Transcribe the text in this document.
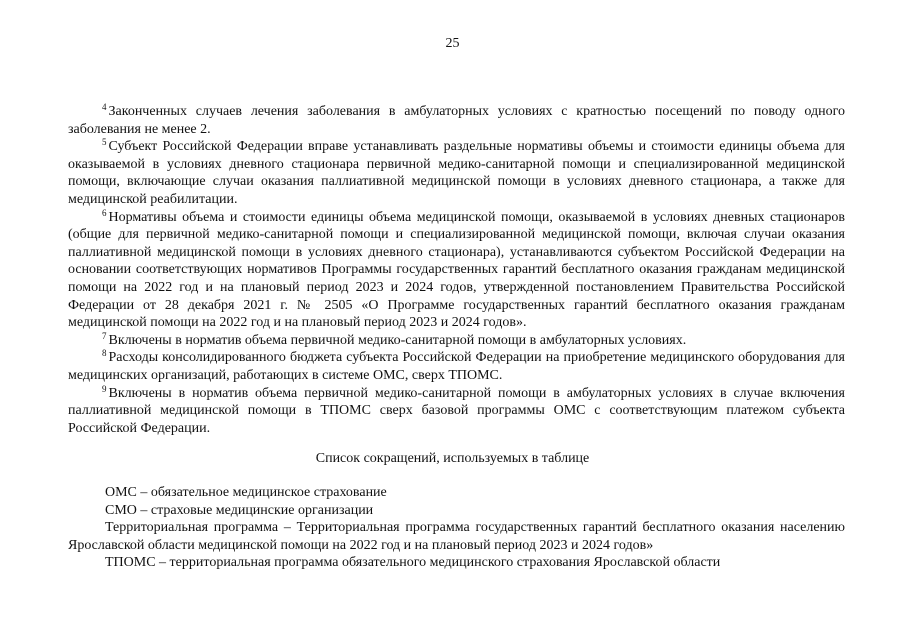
25

$^4$ Законченных случаев лечения заболевания в амбулаторных условиях с кратностью посещений по поводу одного заболевания не менее 2.

$^5$ Субъект Российской Федерации вправе устанавливать раздельные нормативы объемы и стоимости единицы объема для оказываемой в условиях дневного стационара первичной медико-санитарной помощи и специализированной медицинской помощи, включающие случаи оказания паллиативной медицинской помощи в условиях дневного стационара, а также для медицинской реабилитации.

$^6$ Нормативы объема и стоимости единицы объема медицинской помощи, оказываемой в условиях дневных стационаров (общие для первичной медико-санитарной помощи и специализированной медицинской помощи, включая случаи оказания паллиативной медицинской помощи в условиях дневного стационара), устанавливаются субъектом Российской Федерации на основании соответствующих нормативов Программы государственных гарантий бесплатного оказания гражданам медицинской помощи на 2022 год и на плановый период 2023 и 2024 годов, утвержденной постановлением Правительства Российской Федерации от 28 декабря 2021 г. № 2505 «О Программе государственных гарантий бесплатного оказания гражданам медицинской помощи на 2022 год и на плановый период 2023 и 2024 годов».

$^7$ Включены в норматив объема первичной медико-санитарной помощи в амбулаторных условиях.

$^8$ Расходы консолидированного бюджета субъекта Российской Федерации на приобретение медицинского оборудования для медицинских организаций, работающих в системе ОМС, сверх ТПОМС.

$^9$ Включены в норматив объема первичной медико-санитарной помощи в амбулаторных условиях в случае включения паллиативной медицинской помощи в ТПОМС сверх базовой программы ОМС с соответствующим платежом субъекта Российской Федерации.

Список сокращений, используемых в таблице

ОМС – обязательное медицинское страхование

СМО – страховые медицинские организации

Территориальная программа – Территориальная программа государственных гарантий бесплатного оказания населению Ярославской области медицинской помощи на 2022 год и на плановый период 2023 и 2024 годов»

ТПОМС – территориальная программа обязательного медицинского страхования Ярославской области
